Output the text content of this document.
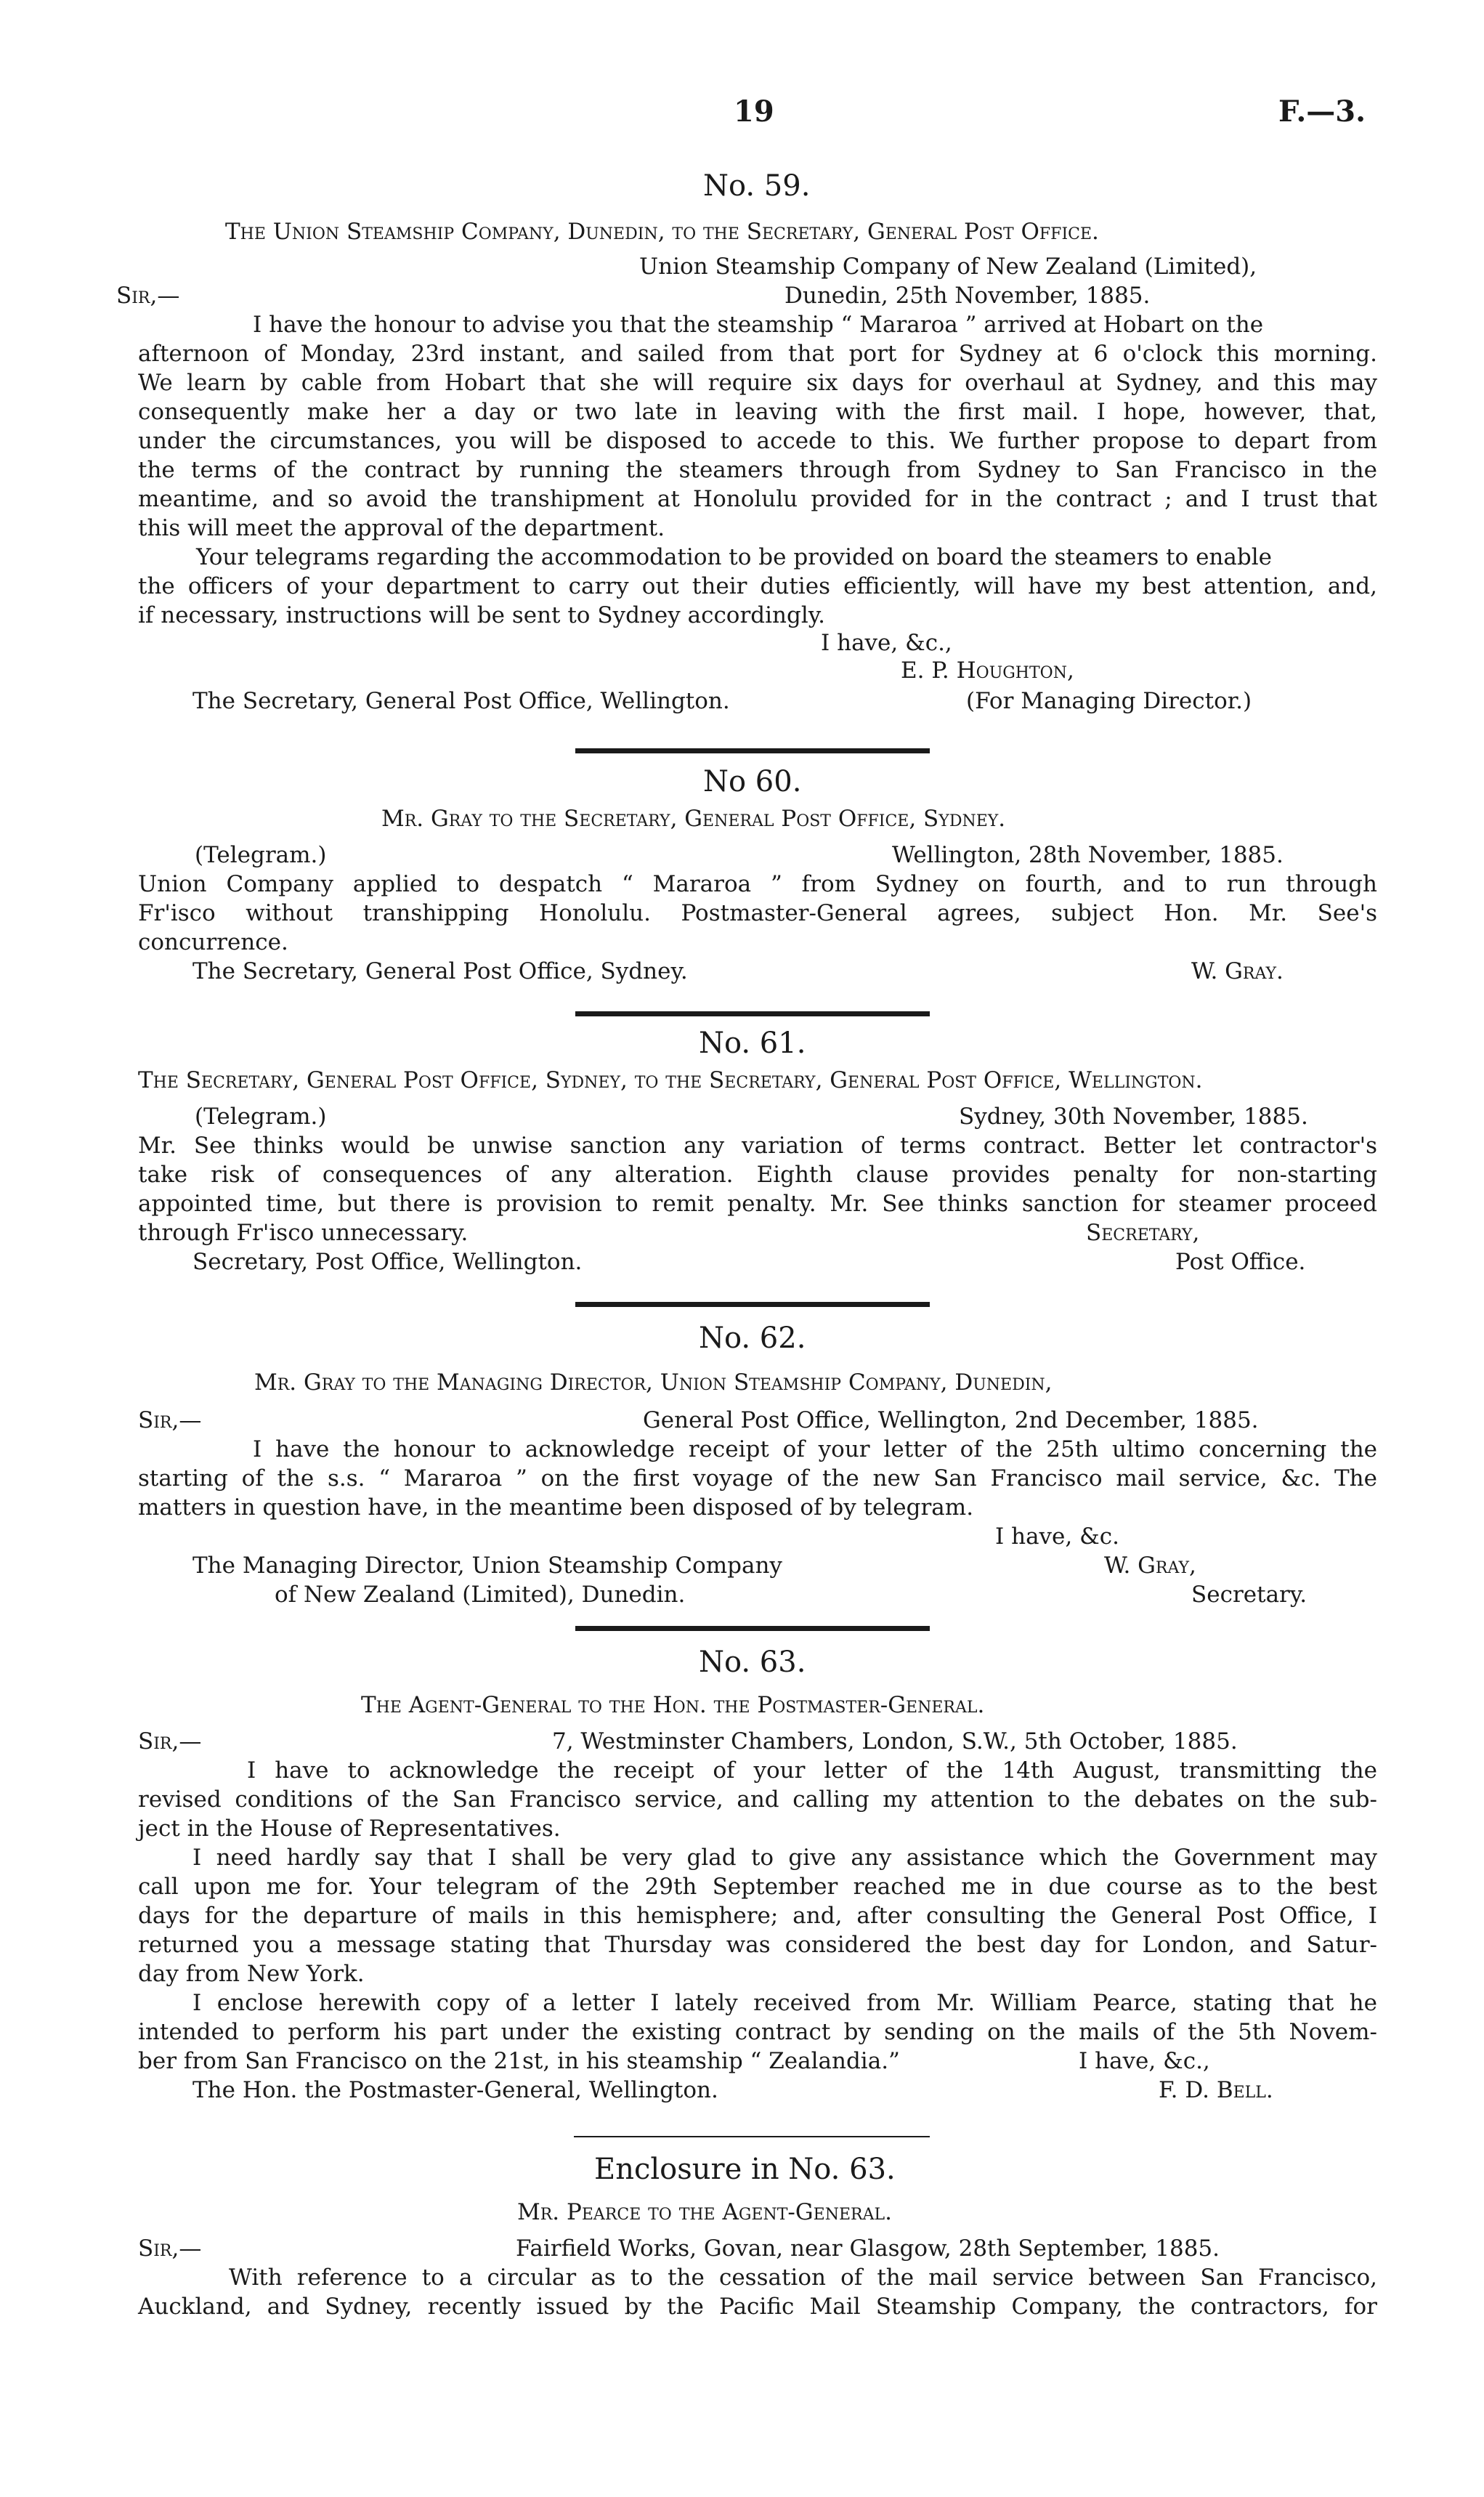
19	F.—3.
No. 59.
The Union Steamship Company, Dunedin, to the Secretary, General Post Office.
Union Steamship Company of New Zealand (Limited),
Sir,—	Dunedin, 25th November, 1885.
I have the honour to advise you that the steamship “ Mararoa ” arrived at Hobart on the
afternoon of Monday, 23rd instant, and sailed from that port for Sydney at 6 o'clock this morning.
We learn by cable from Hobart that she will require six days for overhaul at Sydney, and this may
consequently make her a day or two late in leaving with the first mail. I hope, however, that,
under the circumstances, you will be disposed to accede to this. We further propose to depart from
the terms of the contract by running the steamers through from Sydney to San Francisco in the
meantime, and so avoid the transhipment at Honolulu provided for in the contract ; and I trust that
this will meet the approval of the department.
Your telegrams regarding the accommodation to be provided on board the steamers to enable
the officers of your department to carry out their duties efficiently, will have my best attention, and,
if necessary, instructions will be sent to Sydney accordingly.
I have, &c.,
E. P. Houghton,
The Secretary, General Post Office, Wellington.	(For Managing Director.)
No 60.
Mr. Gray to the Secretary, General Post Office, Sydney.
(Telegram.)	Wellington, 28th November, 1885.
Union Company applied to despatch “ Mararoa ” from Sydney on fourth, and to run through
Fr'isco without transhipping Honolulu. Postmaster-General agrees, subject Hon. Mr. See's
concurrence.
The Secretary, General Post Office, Sydney.	W. Gray.
No. 61.
The Secretary, General Post Office, Sydney, to the Secretary, General Post Office, Wellington.
(Telegram.)	Sydney, 30th November, 1885.
Mr. See thinks would be unwise sanction any variation of terms contract. Better let contractor's
take risk of consequences of any alteration. Eighth clause provides penalty for non-starting
appointed time, but there is provision to remit penalty. Mr. See thinks sanction for steamer proceed
through Fr'isco unnecessary.	Secretary,
Secretary, Post Office, Wellington.	Post Office.
No. 62.
Mr. Gray to the Managing Director, Union Steamship Company, Dunedin,
Sir,—	General Post Office, Wellington, 2nd December, 1885.
I have the honour to acknowledge receipt of your letter of the 25th ultimo concerning the
starting of the s.s. “ Mararoa ” on the first voyage of the new San Francisco mail service, &c. The
matters in question have, in the meantime been disposed of by telegram.
I have, &c.
The Managing Director, Union Steamship Company	W. Gray,
of New Zealand (Limited), Dunedin.	Secretary.
No. 63.
The Agent-General to the Hon. the Postmaster-General.
Sir,—	7, Westminster Chambers, London, S.W., 5th October, 1885.
I have to acknowledge the receipt of your letter of the 14th August, transmitting the
revised conditions of the San Francisco service, and calling my attention to the debates on the sub-
ject in the House of Representatives.
I need hardly say that I shall be very glad to give any assistance which the Government may
call upon me for. Your telegram of the 29th September reached me in due course as to the best
days for the departure of mails in this hemisphere; and, after consulting the General Post Office, I
returned you a message stating that Thursday was considered the best day for London, and Satur-
day from New York.
I enclose herewith copy of a letter I lately received from Mr. William Pearce, stating that he
intended to perform his part under the existing contract by sending on the mails of the 5th Novem-
ber from San Francisco on the 21st, in his steamship “ Zealandia.”	I have, &c.,
The Hon. the Postmaster-General, Wellington.	F. D. Bell.
Enclosure in No. 63.
Mr. Pearce to the Agent-General.
Sir,—	Fairfield Works, Govan, near Glasgow, 28th September, 1885.
With reference to a circular as to the cessation of the mail service between San Francisco,
Auckland, and Sydney, recently issued by the Pacific Mail Steamship Company, the contractors, for
